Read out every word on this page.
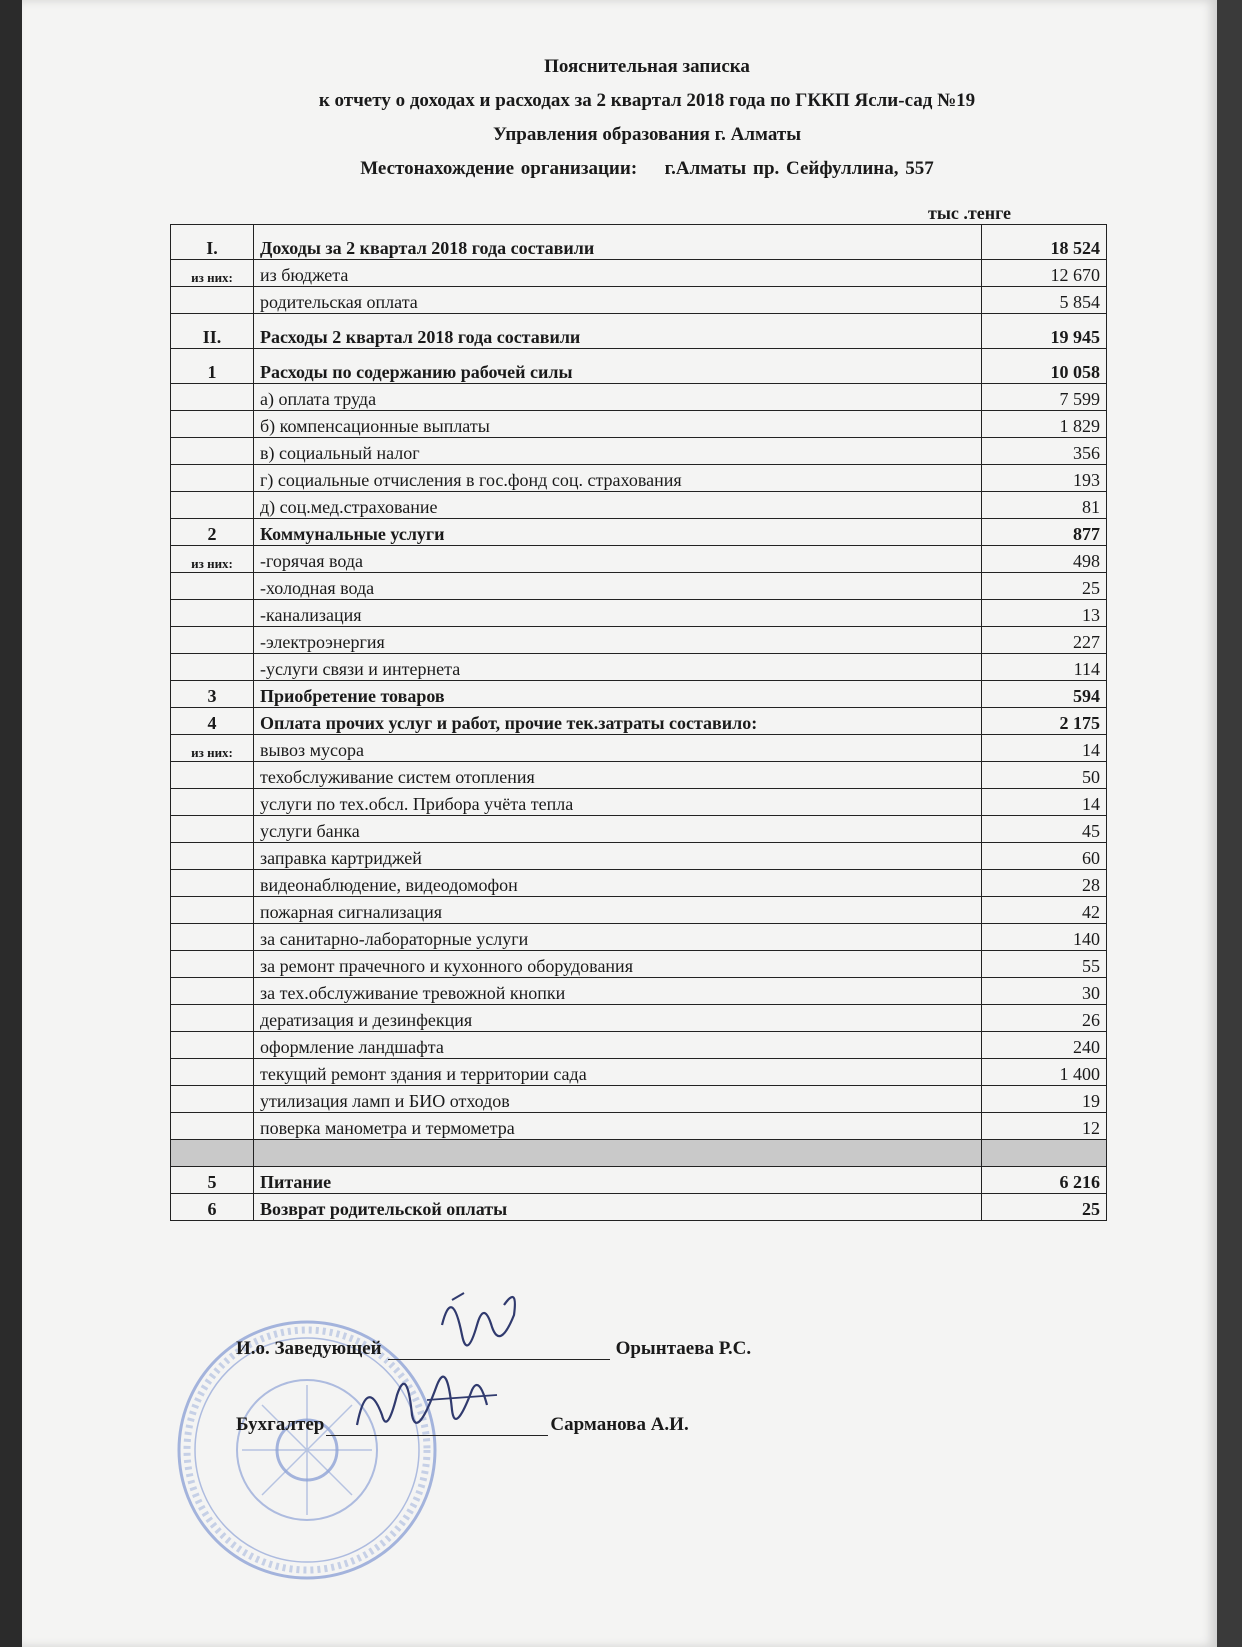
Пояснительная записка
к отчету о доходах и расходах за 2 квартал 2018 года по ГККП Ясли-сад №19
Управления образования г. Алматы
Местонахождение организации: г.Алматы пр. Сейфуллина, 557
тыс .тенге
I.	Доходы за 2 квартал 2018 года составили	18 524
из них:	из бюджета	12 670
	родительская оплата	5 854
II.	Расходы 2 квартал 2018 года составили	19 945
1	Расходы по содержанию рабочей силы	10 058
	а) оплата труда	7 599
	б) компенсационные выплаты	1 829
	в) социальный налог	356
	г) социальные отчисления в гос.фонд соц. страхования	193
	д) соц.мед.страхование	81
2	Коммунальные услуги	877
из них:	-горячая вода	498
	-холодная вода	25
	-канализация	13
	-электроэнергия	227
	-услуги связи и интернета	114
3	Приобретение товаров	594
4	Оплата прочих услуг и работ, прочие тек.затраты составило:	2 175
из них:	вывоз мусора	14
	техобслуживание систем отопления	50
	услуги по тех.обсл. Прибора учёта тепла	14
	услуги банка	45
	заправка картриджей	60
	видеонаблюдение, видеодомофон	28
	пожарная сигнализация	42
	за санитарно-лабораторные услуги	140
	за ремонт прачечного и кухонного оборудования	55
	за тех.обслуживание тревожной кнопки	30
	дератизация и дезинфекция	26
	оформление ландшафта	240
	текущий ремонт здания и территории сада	1 400
	утилизация ламп и БИО отходов	19
	поверка манометра и термометра	12

5	Питание	6 216
6	Возврат родительской оплаты	25
И.о. Заведующей	Орынтаева Р.С.
Бухгалтер	Сарманова А.И.
